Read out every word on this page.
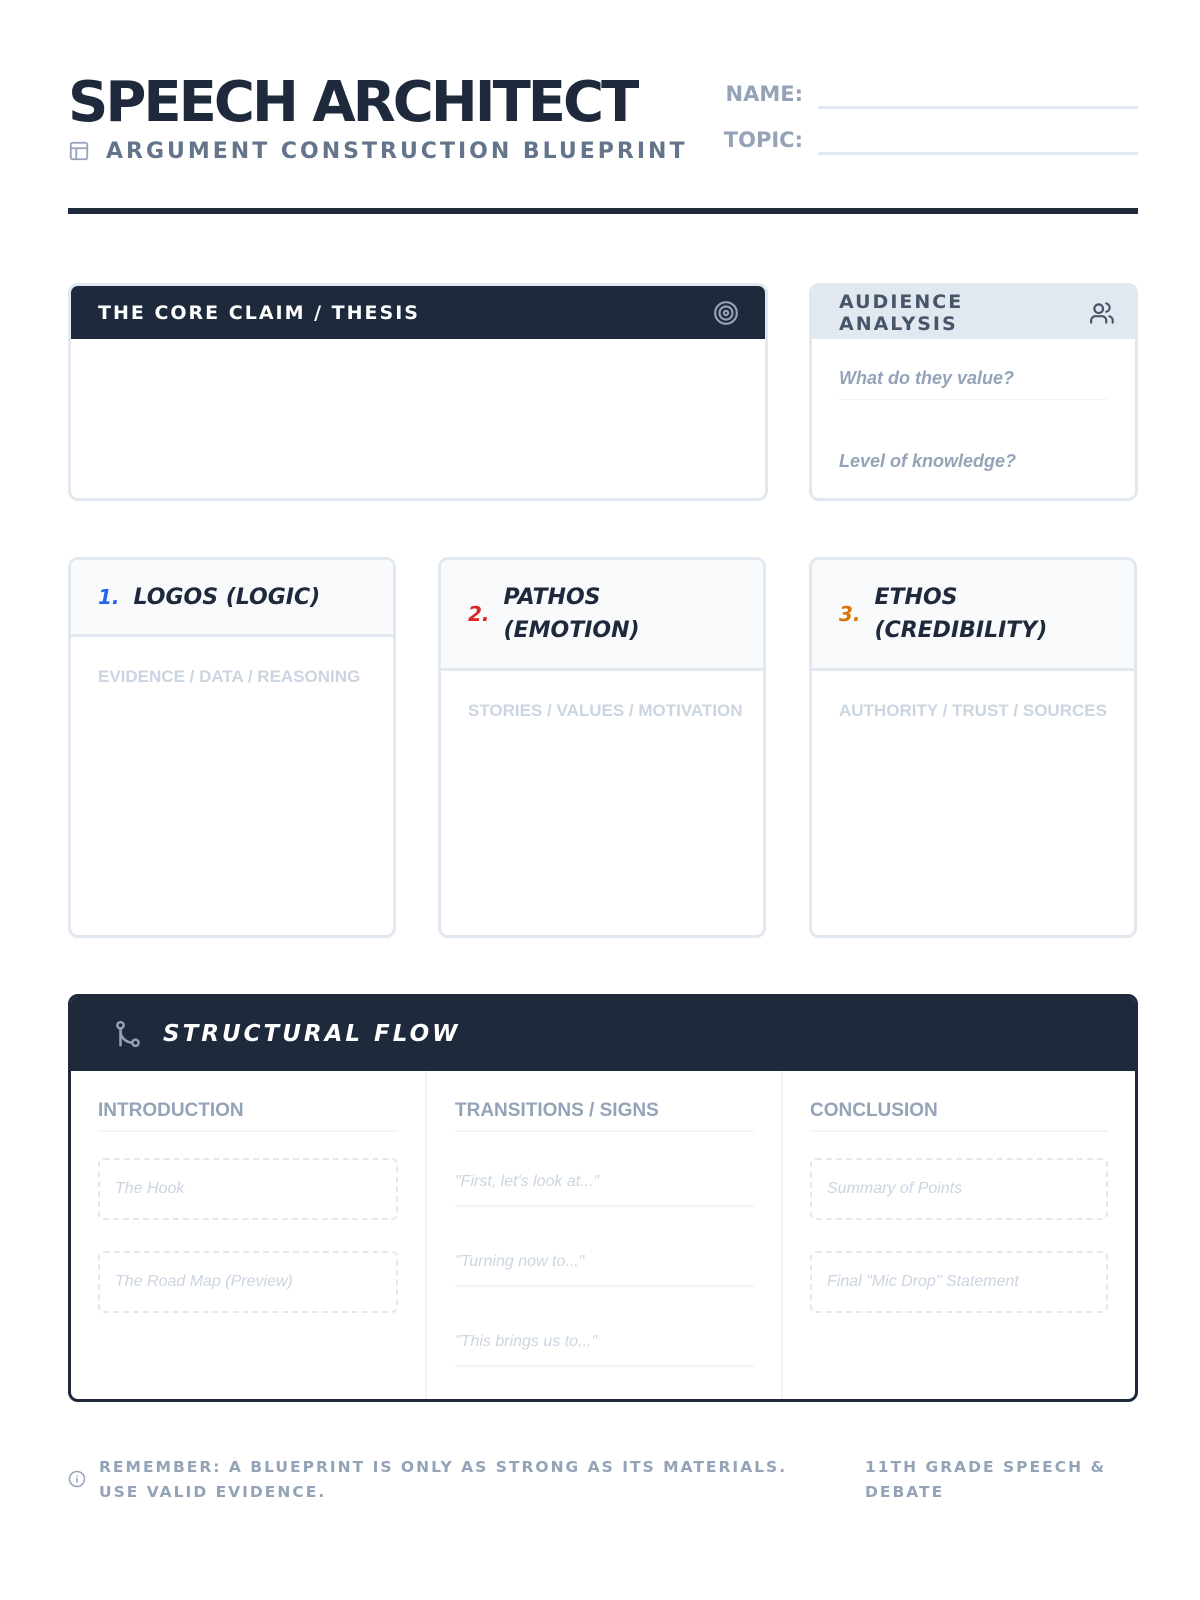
SPEECH ARCHITECT
ARGUMENT CONSTRUCTION BLUEPRINT
NAME:
TOPIC:
THE CORE CLAIM / THESIS	AUDIENCE ANALYSIS
What do they value?
Level of knowledge?
1. LOGOS (LOGIC)
EVIDENCE / DATA / REASONING
2.
PATHOS
(EMOTION)
STORIES / VALUES / MOTIVATION
3.
ETHOS
(CREDIBILITY)
AUTHORITY / TRUST / SOURCES
STRUCTURAL FLOW
INTRODUCTION
The Hook
The Road Map (Preview)
TRANSITIONS / SIGNS
"First, let's look at..."
"Turning now to..."
"This brings us to..."
CONCLUSION
Summary of Points
Final "Mic Drop" Statement
REMEMBER: A BLUEPRINT IS ONLY AS STRONG AS ITS MATERIALS. USE VALID EVIDENCE.
11TH GRADE SPEECH & DEBATE
